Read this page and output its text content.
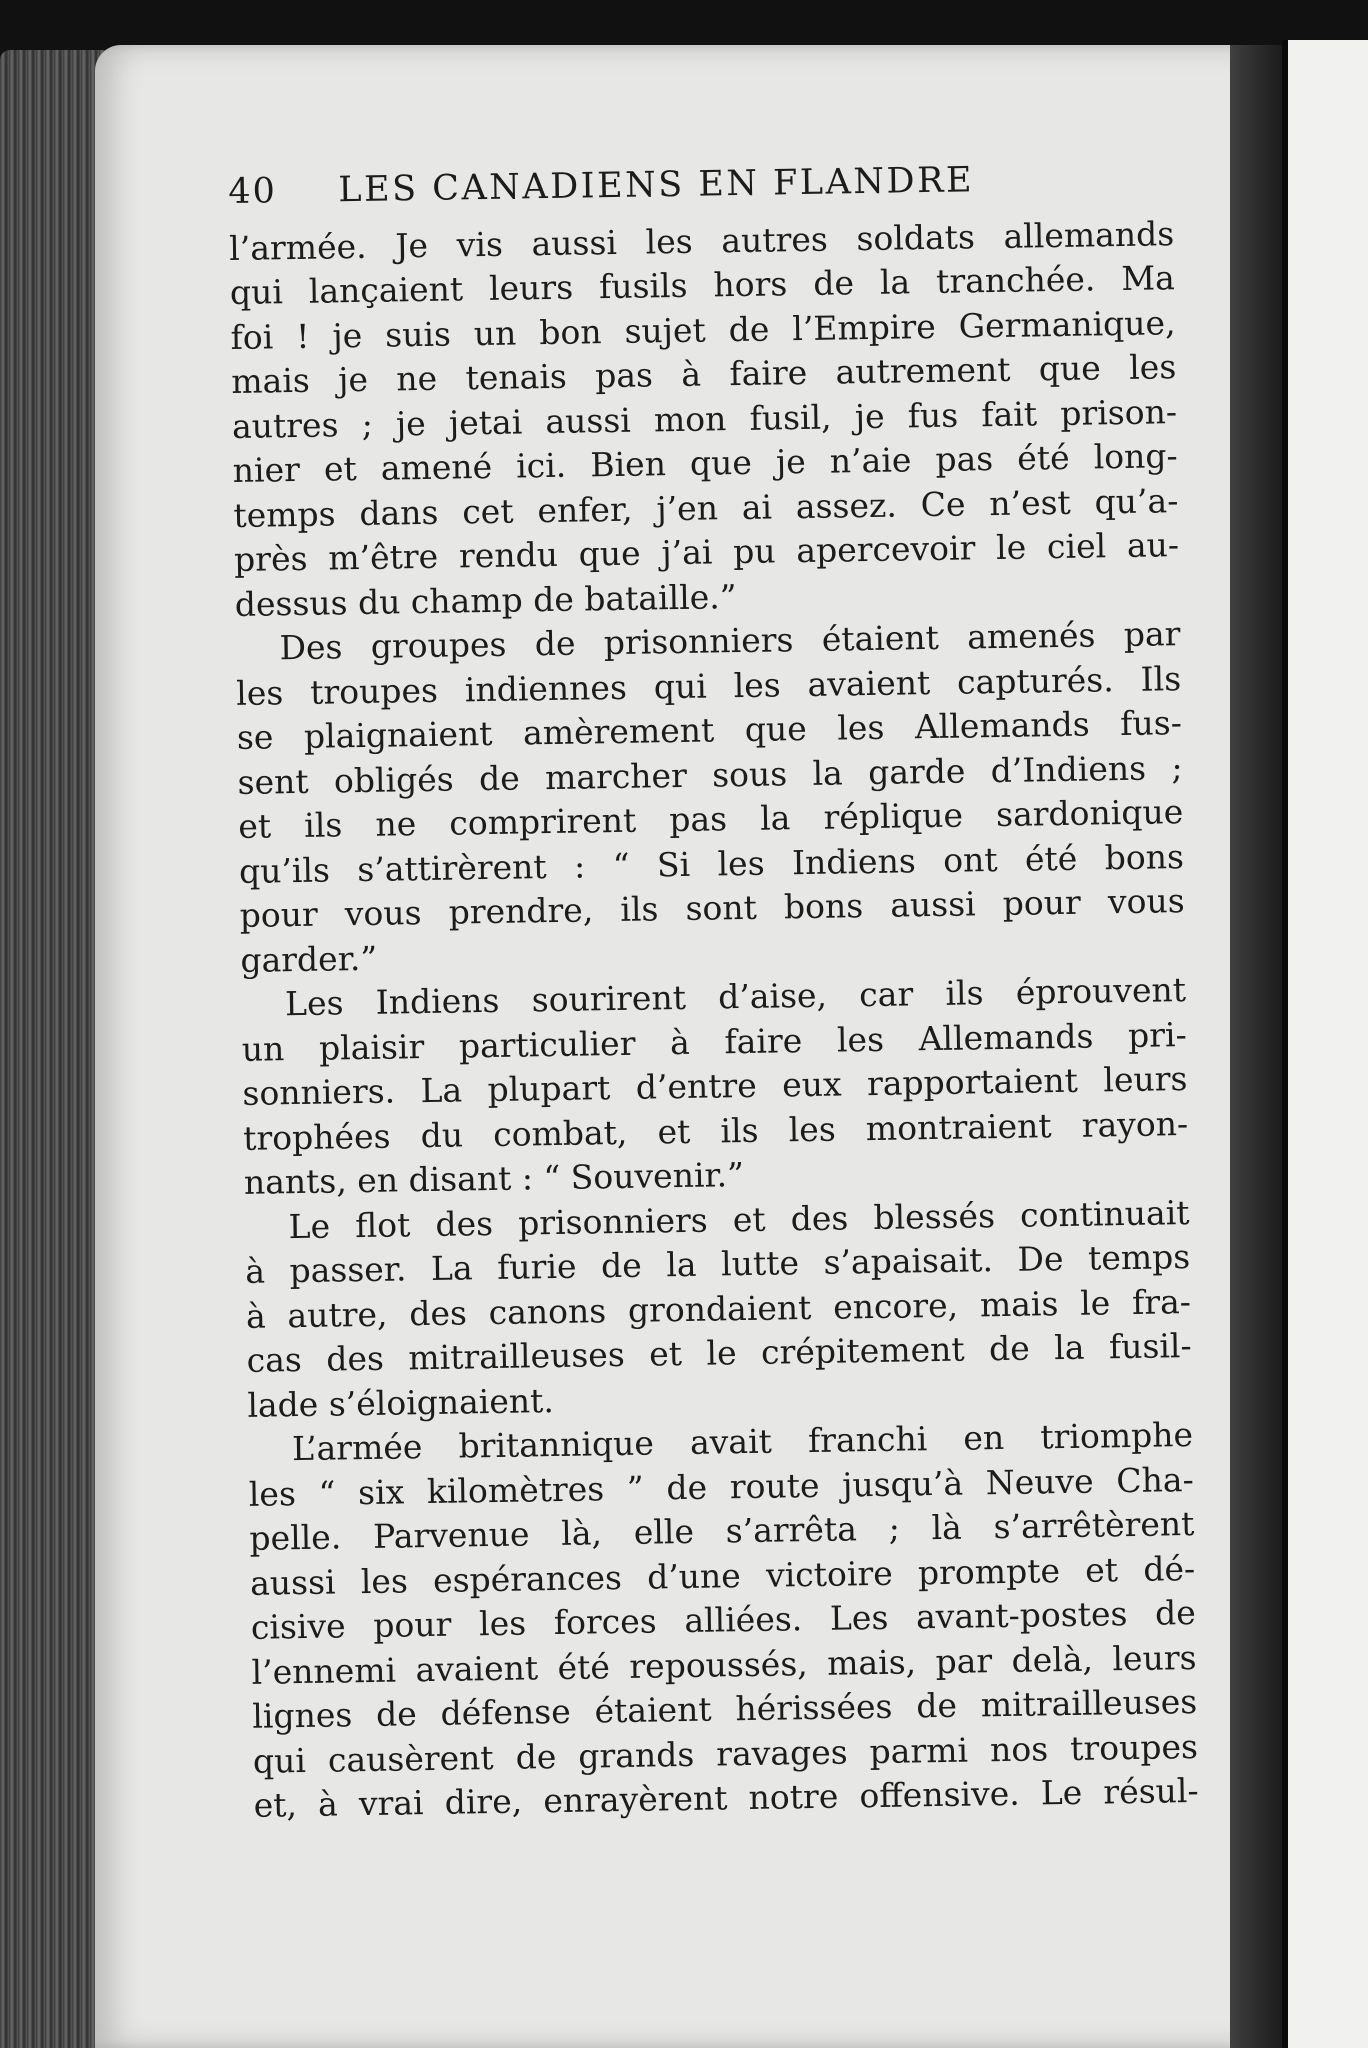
40	LES CANADIENS EN FLANDRE
l’armée. Je vis aussi les autres soldats allemands
qui lançaient leurs fusils hors de la tranchée. Ma
foi ! je suis un bon sujet de l’Empire Germanique,
mais je ne tenais pas à faire autrement que les
autres ; je jetai aussi mon fusil, je fus fait prison-
nier et amené ici. Bien que je n’aie pas été long-
temps dans cet enfer, j’en ai assez. Ce n’est qu’a-
près m’être rendu que j’ai pu apercevoir le ciel au-
dessus du champ de bataille.”
Des groupes de prisonniers étaient amenés par
les troupes indiennes qui les avaient capturés. Ils
se plaignaient amèrement que les Allemands fus-
sent obligés de marcher sous la garde d’Indiens ;
et ils ne comprirent pas la réplique sardonique
qu’ils s’attirèrent : “ Si les Indiens ont été bons
pour vous prendre, ils sont bons aussi pour vous
garder.”
Les Indiens sourirent d’aise, car ils éprouvent
un plaisir particulier à faire les Allemands pri-
sonniers. La plupart d’entre eux rapportaient leurs
trophées du combat, et ils les montraient rayon-
nants, en disant : “ Souvenir.”
Le flot des prisonniers et des blessés continuait
à passer. La furie de la lutte s’apaisait. De temps
à autre, des canons grondaient encore, mais le fra-
cas des mitrailleuses et le crépitement de la fusil-
lade s’éloignaient.
L’armée britannique avait franchi en triomphe
les “ six kilomètres ” de route jusqu’à Neuve Cha-
pelle. Parvenue là, elle s’arrêta ; là s’arrêtèrent
aussi les espérances d’une victoire prompte et dé-
cisive pour les forces alliées. Les avant-postes de
l’ennemi avaient été repoussés, mais, par delà, leurs
lignes de défense étaient hérissées de mitrailleuses
qui causèrent de grands ravages parmi nos troupes
et, à vrai dire, enrayèrent notre offensive. Le résul-
